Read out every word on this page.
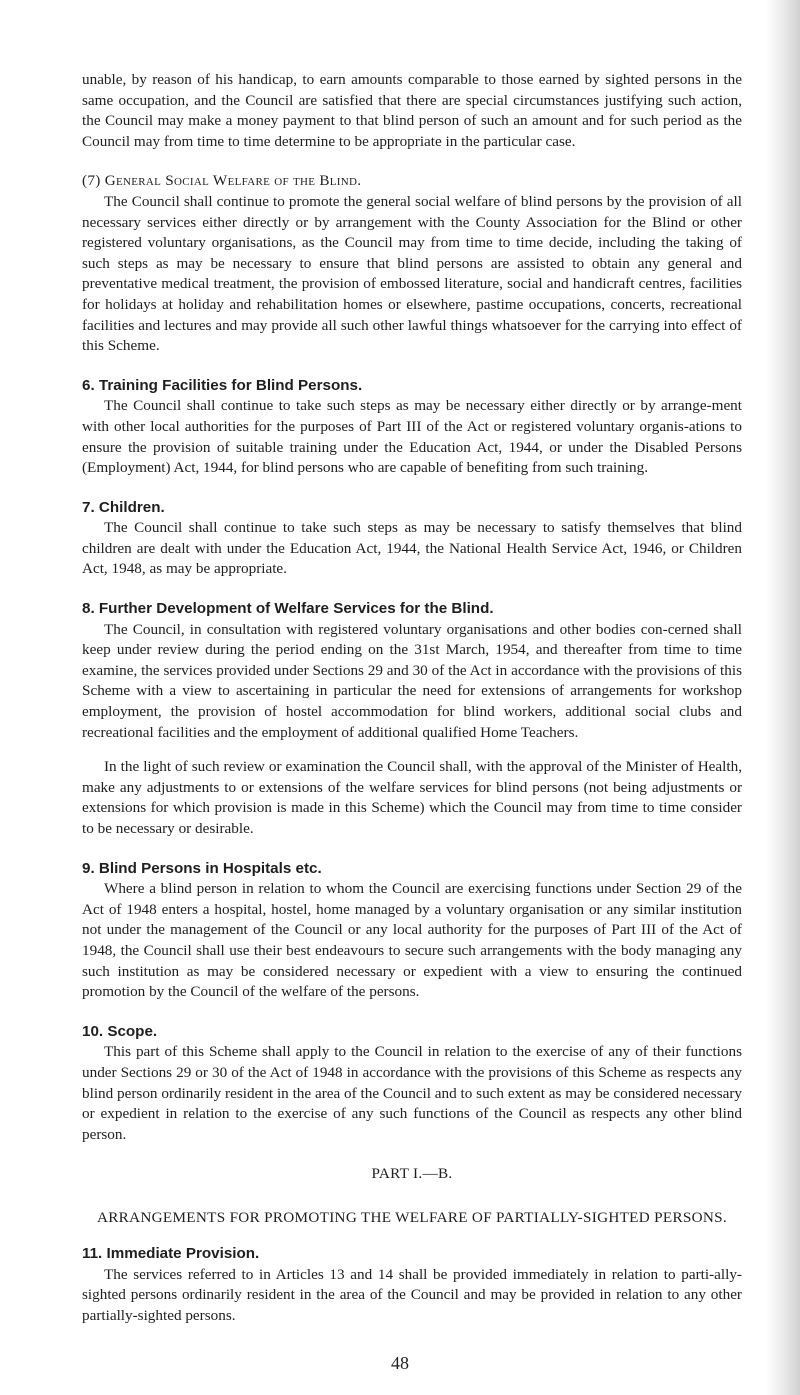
unable, by reason of his handicap, to earn amounts comparable to those earned by sighted persons in the same occupation, and the Council are satisfied that there are special circumstances justifying such action, the Council may make a money payment to that blind person of such an amount and for such period as the Council may from time to time determine to be appropriate in the particular case.

(7) General Social Welfare of the Blind.

The Council shall continue to promote the general social welfare of blind persons by the provision of all necessary services either directly or by arrangement with the County Association for the Blind or other registered voluntary organisations, as the Council may from time to time decide, including the taking of such steps as may be necessary to ensure that blind persons are assisted to obtain any general and preventative medical treatment, the provision of embossed literature, social and handicraft centres, facilities for holidays at holiday and rehabilitation homes or elsewhere, pastime occupations, concerts, recreational facilities and lectures and may provide all such other lawful things whatsoever for the carrying into effect of this Scheme.

6. Training Facilities for Blind Persons.

The Council shall continue to take such steps as may be necessary either directly or by arrange-ment with other local authorities for the purposes of Part III of the Act or registered voluntary organis-ations to ensure the provision of suitable training under the Education Act, 1944, or under the Disabled Persons (Employment) Act, 1944, for blind persons who are capable of benefiting from such training.

7. Children.

The Council shall continue to take such steps as may be necessary to satisfy themselves that blind children are dealt with under the Education Act, 1944, the National Health Service Act, 1946, or Children Act, 1948, as may be appropriate.

8. Further Development of Welfare Services for the Blind.

The Council, in consultation with registered voluntary organisations and other bodies con-cerned shall keep under review during the period ending on the 31st March, 1954, and thereafter from time to time examine, the services provided under Sections 29 and 30 of the Act in accordance with the provisions of this Scheme with a view to ascertaining in particular the need for extensions of arrangements for workshop employment, the provision of hostel accommodation for blind workers, additional social clubs and recreational facilities and the employment of additional qualified Home Teachers.

In the light of such review or examination the Council shall, with the approval of the Minister of Health, make any adjustments to or extensions of the welfare services for blind persons (not being adjustments or extensions for which provision is made in this Scheme) which the Council may from time to time consider to be necessary or desirable.

9. Blind Persons in Hospitals etc.

Where a blind person in relation to whom the Council are exercising functions under Section 29 of the Act of 1948 enters a hospital, hostel, home managed by a voluntary organisation or any similar institution not under the management of the Council or any local authority for the purposes of Part III of the Act of 1948, the Council shall use their best endeavours to secure such arrangements with the body managing any such institution as may be considered necessary or expedient with a view to ensuring the continued promotion by the Council of the welfare of the persons.

10. Scope.

This part of this Scheme shall apply to the Council in relation to the exercise of any of their functions under Sections 29 or 30 of the Act of 1948 in accordance with the provisions of this Scheme as respects any blind person ordinarily resident in the area of the Council and to such extent as may be considered necessary or expedient in relation to the exercise of any such functions of the Council as respects any other blind person.

PART I.—B.

ARRANGEMENTS FOR PROMOTING THE WELFARE OF PARTIALLY-SIGHTED PERSONS.

11. Immediate Provision.

The services referred to in Articles 13 and 14 shall be provided immediately in relation to parti-ally-sighted persons ordinarily resident in the area of the Council and may be provided in relation to any other partially-sighted persons.

48
